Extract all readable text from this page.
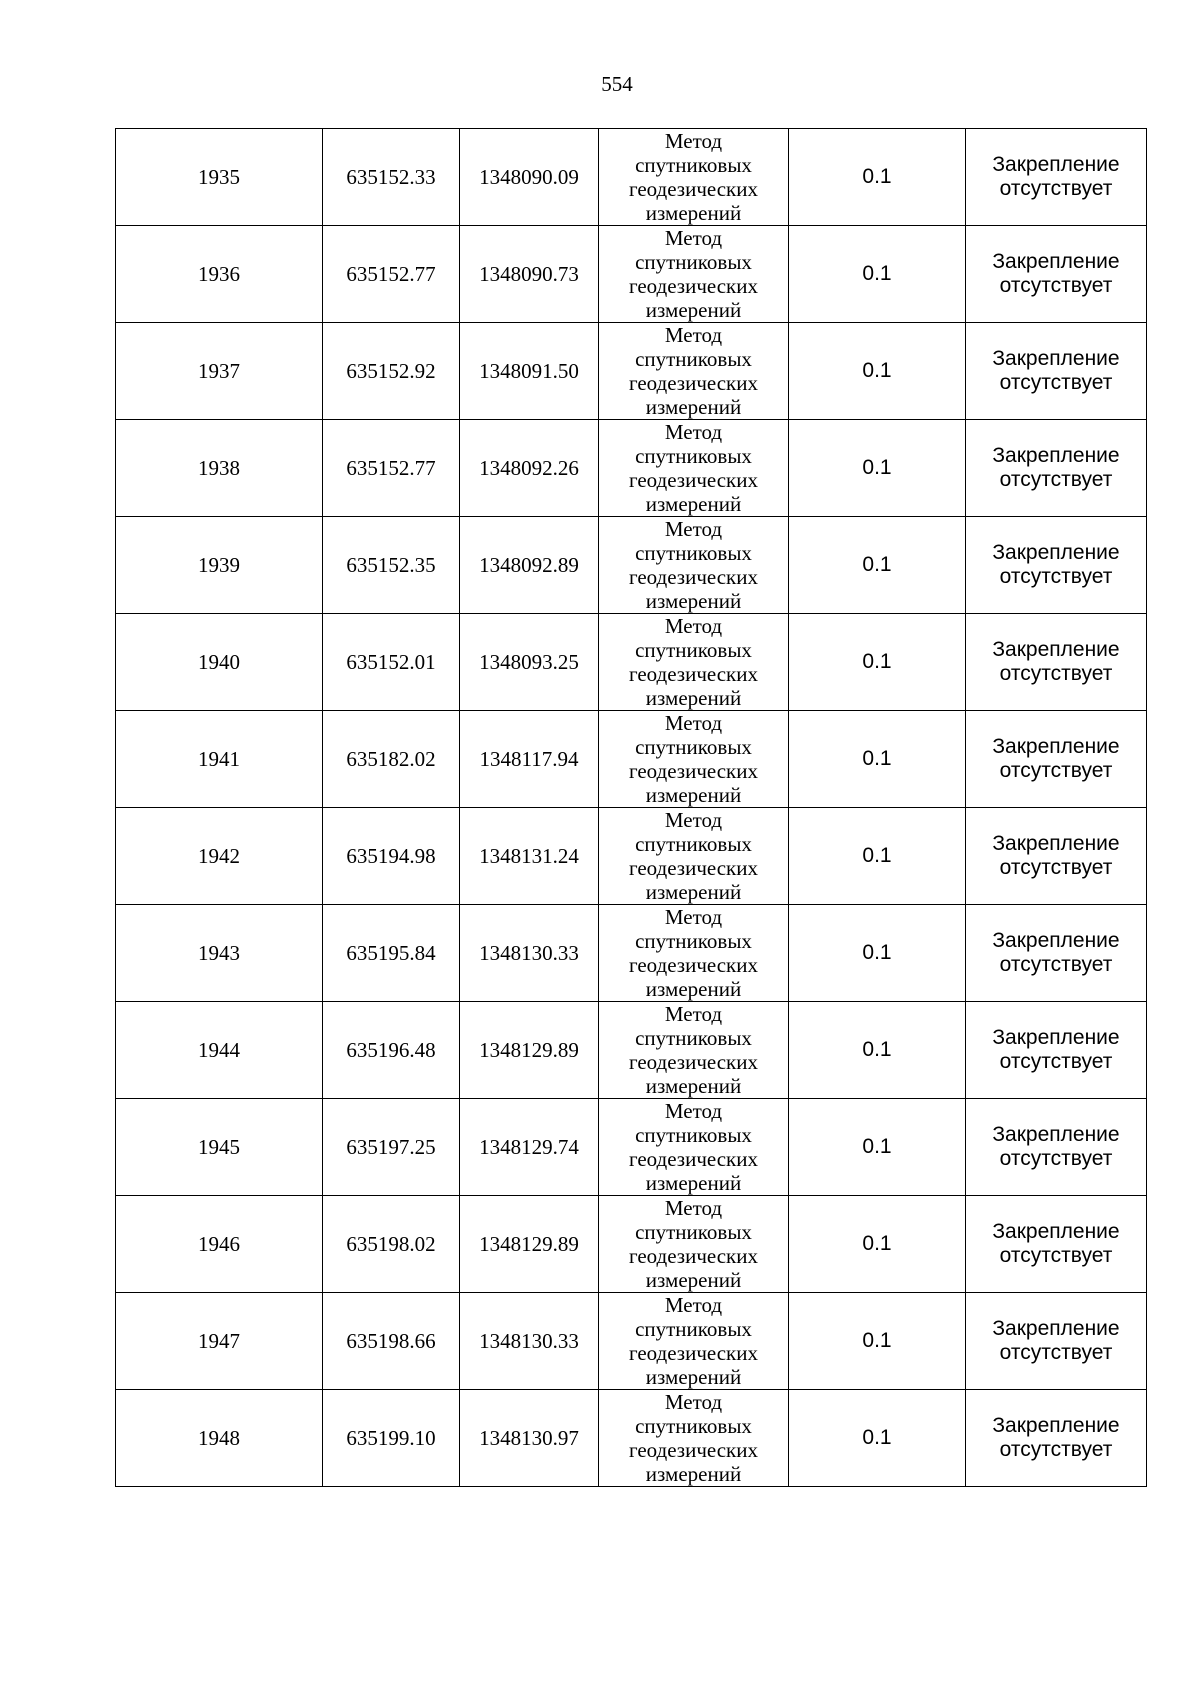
554
1935	635152.33	1348090.09	Метод
спутниковых
геодезических
измерений	0.1	Закрепление
отсутствует

1936	635152.77	1348090.73	Метод
спутниковых
геодезических
измерений	0.1	Закрепление
отсутствует

1937	635152.92	1348091.50	Метод
спутниковых
геодезических
измерений	0.1	Закрепление
отсутствует

1938	635152.77	1348092.26	Метод
спутниковых
геодезических
измерений	0.1	Закрепление
отсутствует

1939	635152.35	1348092.89	Метод
спутниковых
геодезических
измерений	0.1	Закрепление
отсутствует

1940	635152.01	1348093.25	Метод
спутниковых
геодезических
измерений	0.1	Закрепление
отсутствует

1941	635182.02	1348117.94	Метод
спутниковых
геодезических
измерений	0.1	Закрепление
отсутствует

1942	635194.98	1348131.24	Метод
спутниковых
геодезических
измерений	0.1	Закрепление
отсутствует

1943	635195.84	1348130.33	Метод
спутниковых
геодезических
измерений	0.1	Закрепление
отсутствует

1944	635196.48	1348129.89	Метод
спутниковых
геодезических
измерений	0.1	Закрепление
отсутствует

1945	635197.25	1348129.74	Метод
спутниковых
геодезических
измерений	0.1	Закрепление
отсутствует

1946	635198.02	1348129.89	Метод
спутниковых
геодезических
измерений	0.1	Закрепление
отсутствует

1947	635198.66	1348130.33	Метод
спутниковых
геодезических
измерений	0.1	Закрепление
отсутствует

1948	635199.10	1348130.97	Метод
спутниковых
геодезических
измерений	0.1	Закрепление
отсутствует
